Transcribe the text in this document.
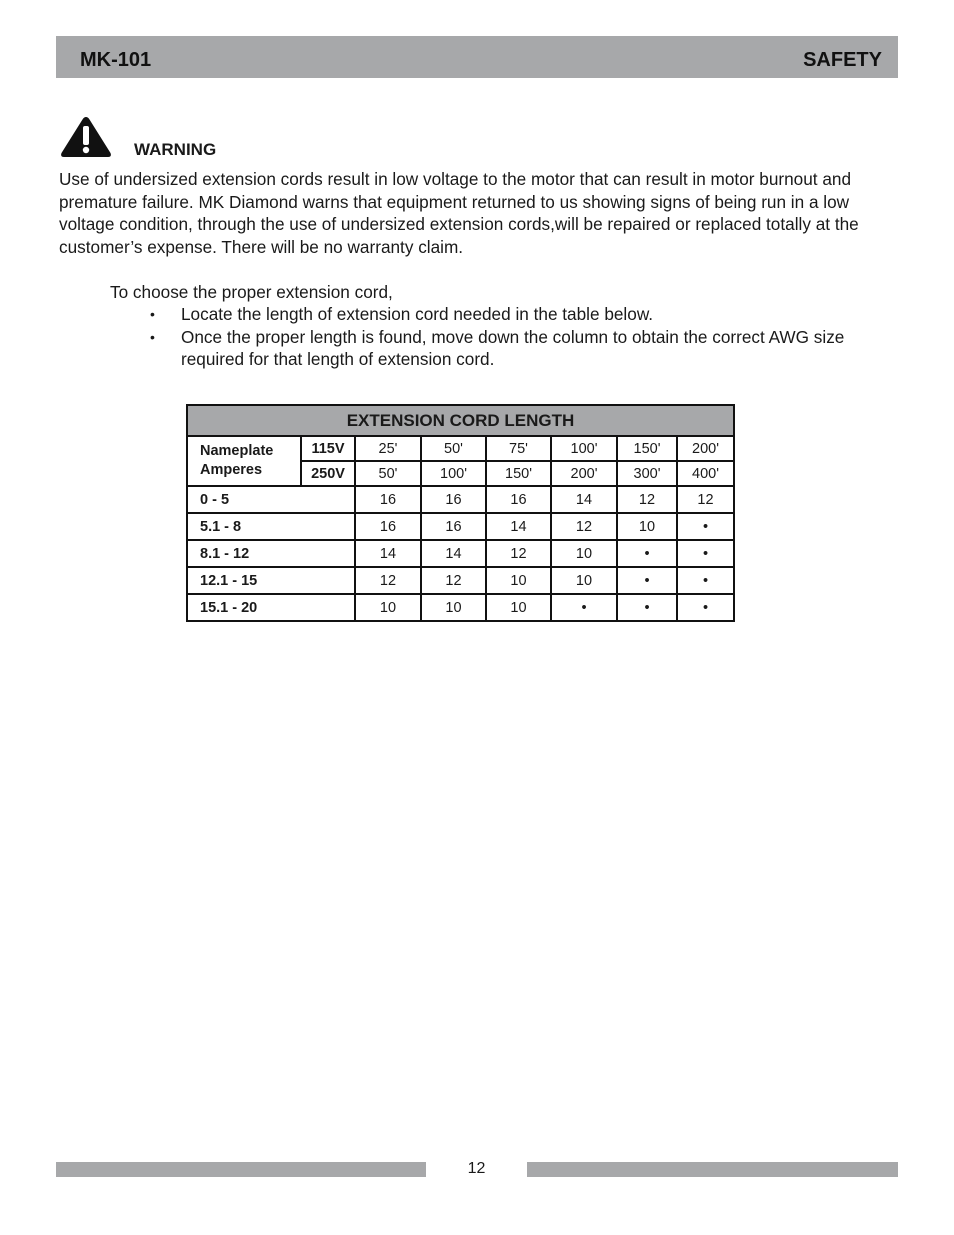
MK-101	SAFETY
WARNING
Use of undersized extension cords result in low voltage to the motor that can result in motor burnout and premature failure. MK Diamond warns that equipment returned to us showing signs of being run in a low voltage condition, through the use of undersized extension cords,will be repaired or replaced totally at the customer’s expense. There will be no warranty claim.
To choose the proper extension cord,
• Locate the length of extension cord needed in the table below.
• Once the proper length is found, move down the column to obtain the correct AWG size required for that length of extension cord.
EXTENSION CORD LENGTH							
Nameplate
Amperes	115V	25'	50'	75'	100'	150'	200'
	250V	50'	100'	150'	200'	300'	400'
0 - 5		16	16	16	14	12	12
5.1 - 8		16	16	14	12	10	•
8.1 - 12		14	14	12	10	•	•
12.1 - 15		12	12	10	10	•	•
15.1 - 20		10	10	10	•	•	•
12
